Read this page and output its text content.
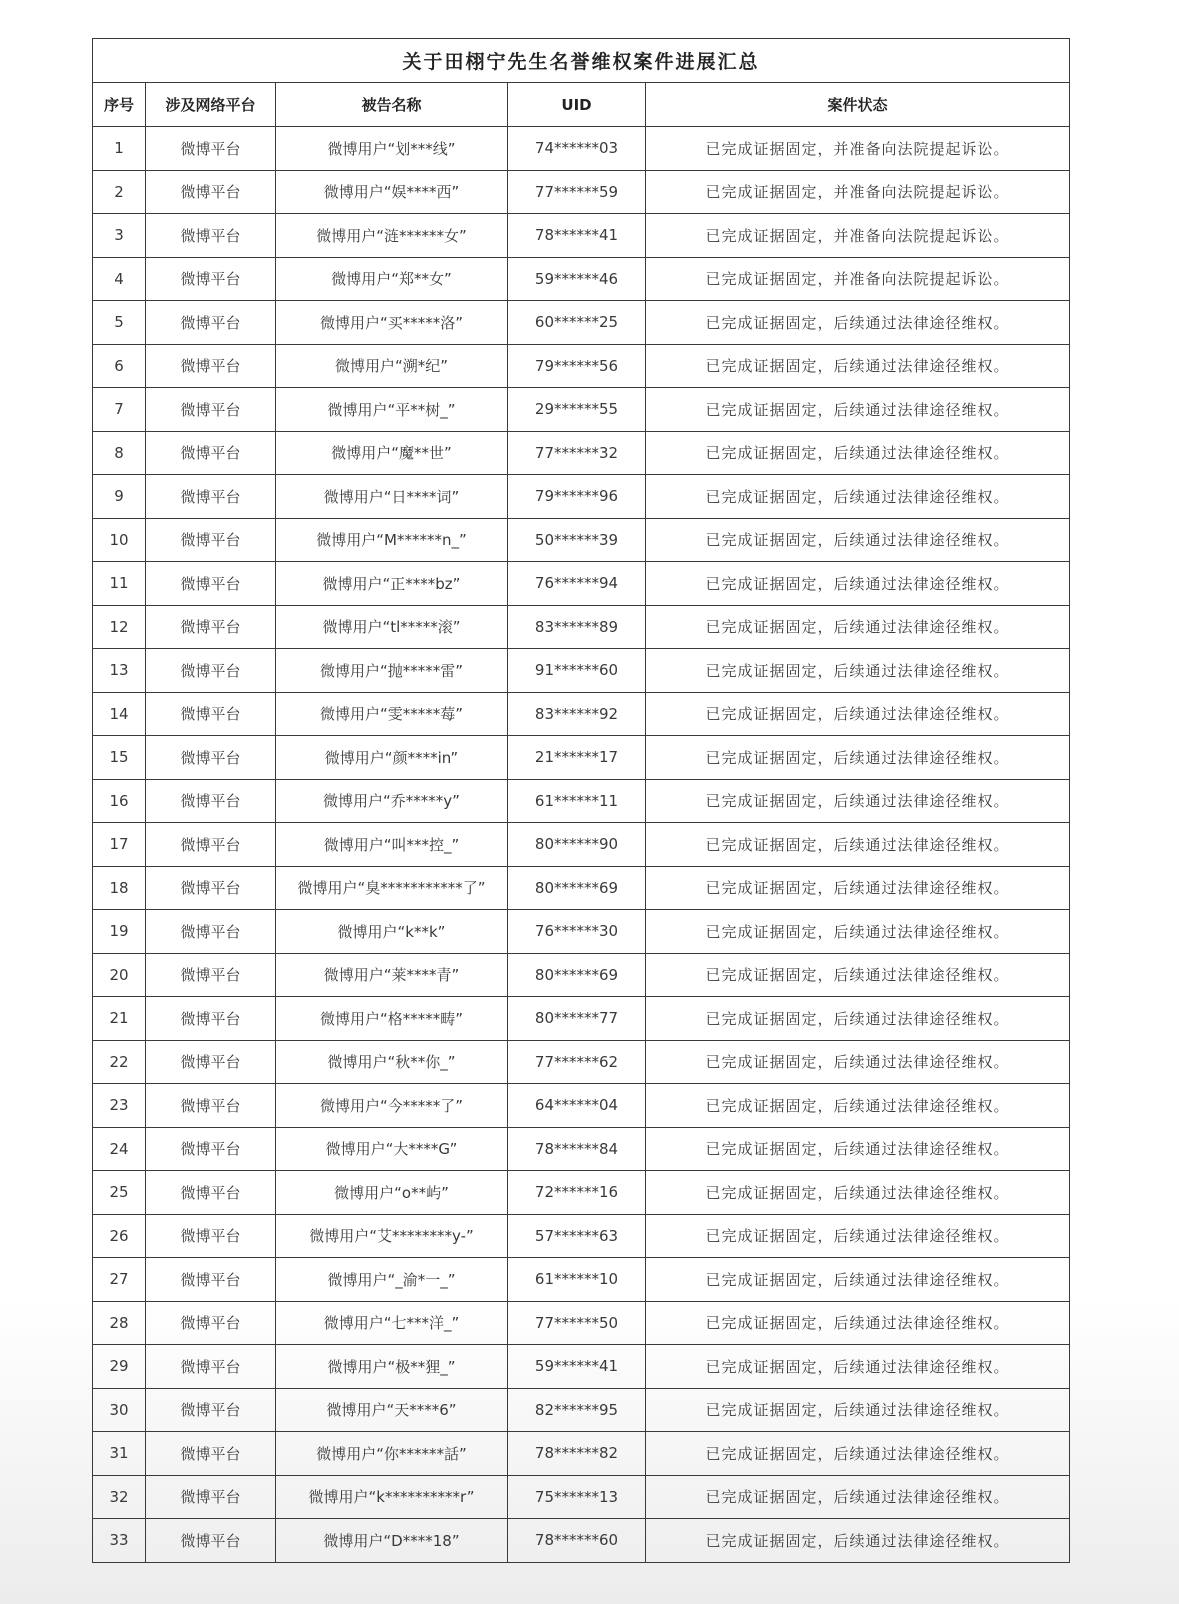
关于田栩宁先生名誉维权案件进展汇总				
序号	涉及网络平台	被告名称	UID	案件状态
1	微博平台	微博用户“划***线”	74******03	已完成证据固定，并准备向法院提起诉讼。
2	微博平台	微博用户“娱****西”	77******59	已完成证据固定，并准备向法院提起诉讼。
3	微博平台	微博用户“涟******女”	78******41	已完成证据固定，并准备向法院提起诉讼。
4	微博平台	微博用户“郑**女”	59******46	已完成证据固定，并准备向法院提起诉讼。
5	微博平台	微博用户“买*****洛”	60******25	已完成证据固定，后续通过法律途径维权。
6	微博平台	微博用户“溯*纪”	79******56	已完成证据固定，后续通过法律途径维权。
7	微博平台	微博用户“平**树_”	29******55	已完成证据固定，后续通过法律途径维权。
8	微博平台	微博用户“魔**世”	77******32	已完成证据固定，后续通过法律途径维权。
9	微博平台	微博用户“日****词”	79******96	已完成证据固定，后续通过法律途径维权。
10	微博平台	微博用户“M******n_”	50******39	已完成证据固定，后续通过法律途径维权。
11	微博平台	微博用户“正****bz”	76******94	已完成证据固定，后续通过法律途径维权。
12	微博平台	微博用户“tl*****滚”	83******89	已完成证据固定，后续通过法律途径维权。
13	微博平台	微博用户“抛*****雷”	91******60	已完成证据固定，后续通过法律途径维权。
14	微博平台	微博用户“雯*****莓”	83******92	已完成证据固定，后续通过法律途径维权。
15	微博平台	微博用户“颜****in”	21******17	已完成证据固定，后续通过法律途径维权。
16	微博平台	微博用户“乔*****y”	61******11	已完成证据固定，后续通过法律途径维权。
17	微博平台	微博用户“叫***控_”	80******90	已完成证据固定，后续通过法律途径维权。
18	微博平台	微博用户“臭***********了”	80******69	已完成证据固定，后续通过法律途径维权。
19	微博平台	微博用户“k**k”	76******30	已完成证据固定，后续通过法律途径维权。
20	微博平台	微博用户“莱****青”	80******69	已完成证据固定，后续通过法律途径维权。
21	微博平台	微博用户“格*****畴”	80******77	已完成证据固定，后续通过法律途径维权。
22	微博平台	微博用户“秋**你_”	77******62	已完成证据固定，后续通过法律途径维权。
23	微博平台	微博用户“今*****了”	64******04	已完成证据固定，后续通过法律途径维权。
24	微博平台	微博用户“大****G”	78******84	已完成证据固定，后续通过法律途径维权。
25	微博平台	微博用户“o**屿”	72******16	已完成证据固定，后续通过法律途径维权。
26	微博平台	微博用户“艾********y-”	57******63	已完成证据固定，后续通过法律途径维权。
27	微博平台	微博用户“_渝*一_”	61******10	已完成证据固定，后续通过法律途径维权。
28	微博平台	微博用户“七***洋_”	77******50	已完成证据固定，后续通过法律途径维权。
29	微博平台	微博用户“极**狸_”	59******41	已完成证据固定，后续通过法律途径维权。
30	微博平台	微博用户“天****6”	82******95	已完成证据固定，后续通过法律途径维权。
31	微博平台	微博用户“你******話”	78******82	已完成证据固定，后续通过法律途径维权。
32	微博平台	微博用户“k**********r”	75******13	已完成证据固定，后续通过法律途径维权。
33	微博平台	微博用户“D****18”	78******60	已完成证据固定，后续通过法律途径维权。
